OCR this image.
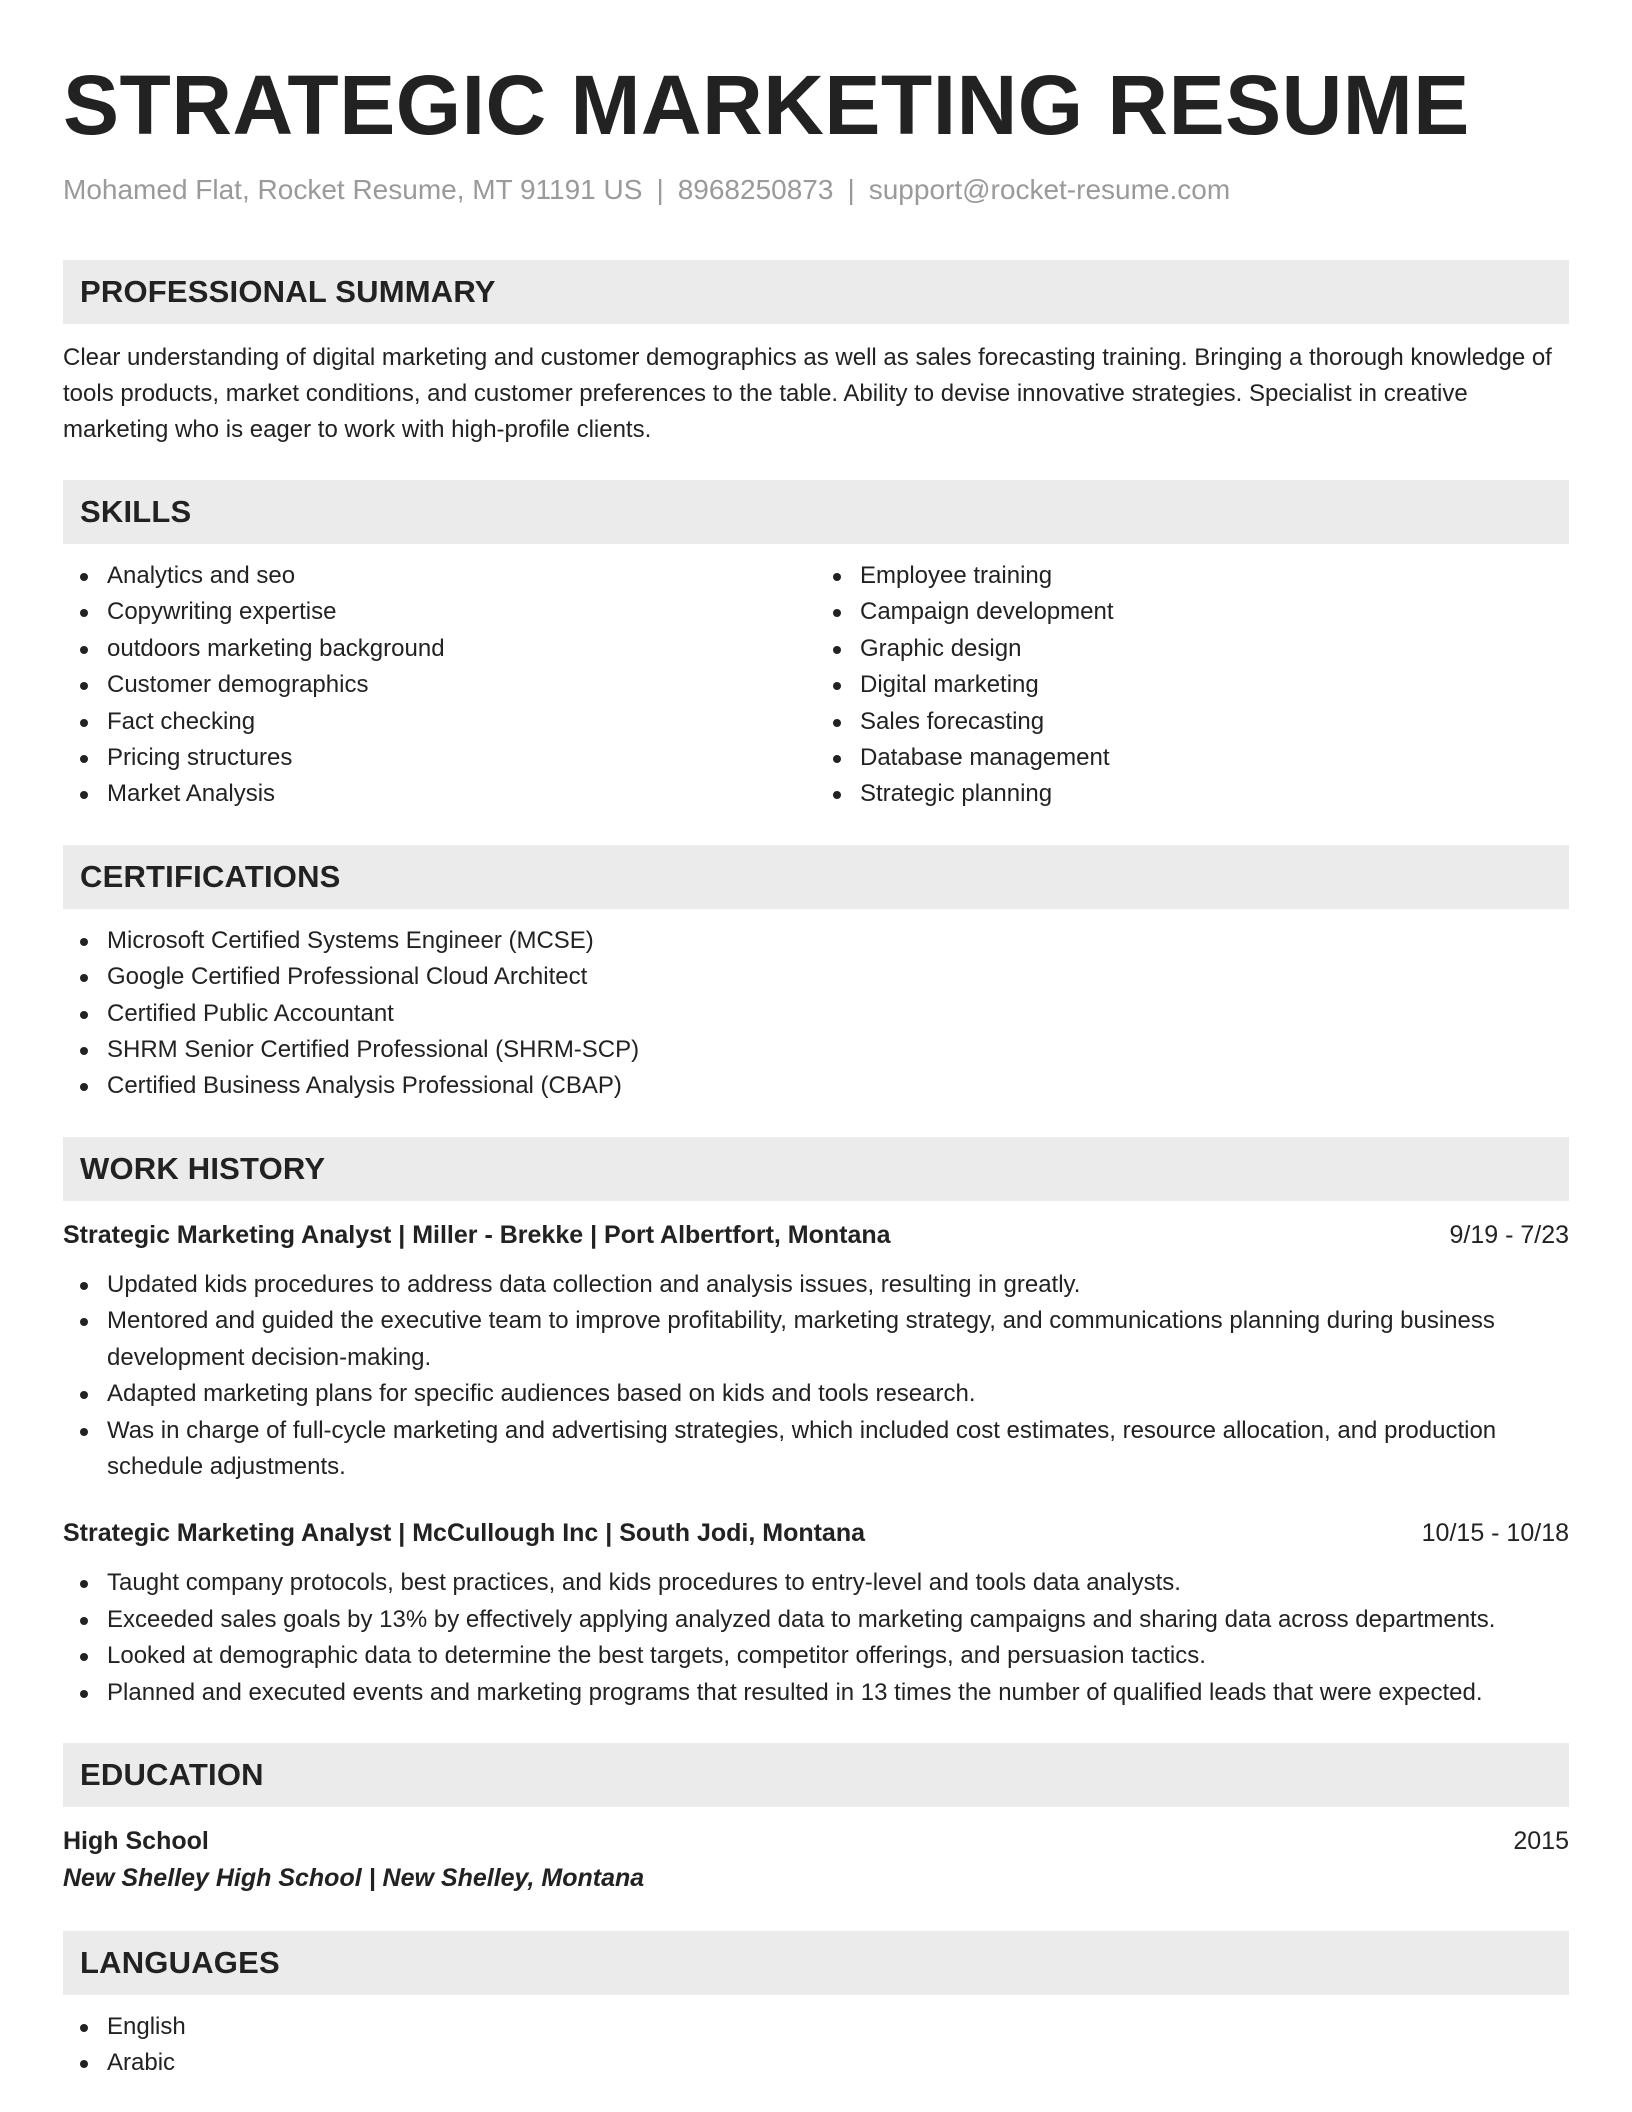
STRATEGIC MARKETING RESUME
Mohamed Flat, Rocket Resume, MT 91191 US | 8968250873 | support@rocket-resume.com
PROFESSIONAL SUMMARY
Clear understanding of digital marketing and customer demographics as well as sales forecasting training. Bringing a thorough knowledge of tools products, market conditions, and customer preferences to the table. Ability to devise innovative strategies. Specialist in creative marketing who is eager to work with high-profile clients.
SKILLS
Analytics and seo
Copywriting expertise
outdoors marketing background
Customer demographics
Fact checking
Pricing structures
Market Analysis
Employee training
Campaign development
Graphic design
Digital marketing
Sales forecasting
Database management
Strategic planning
CERTIFICATIONS
Microsoft Certified Systems Engineer (MCSE)
Google Certified Professional Cloud Architect
Certified Public Accountant
SHRM Senior Certified Professional (SHRM-SCP)
Certified Business Analysis Professional (CBAP)
WORK HISTORY
Strategic Marketing Analyst | Miller - Brekke | Port Albertfort, Montana	9/19 - 7/23
Updated kids procedures to address data collection and analysis issues, resulting in greatly.
Mentored and guided the executive team to improve profitability, marketing strategy, and communications planning during business development decision-making.
Adapted marketing plans for specific audiences based on kids and tools research.
Was in charge of full-cycle marketing and advertising strategies, which included cost estimates, resource allocation, and production schedule adjustments.
Strategic Marketing Analyst | McCullough Inc | South Jodi, Montana	10/15 - 10/18
Taught company protocols, best practices, and kids procedures to entry-level and tools data analysts.
Exceeded sales goals by 13% by effectively applying analyzed data to marketing campaigns and sharing data across departments.
Looked at demographic data to determine the best targets, competitor offerings, and persuasion tactics.
Planned and executed events and marketing programs that resulted in 13 times the number of qualified leads that were expected.
EDUCATION
High School	2015
New Shelley High School | New Shelley, Montana
LANGUAGES
English
Arabic
